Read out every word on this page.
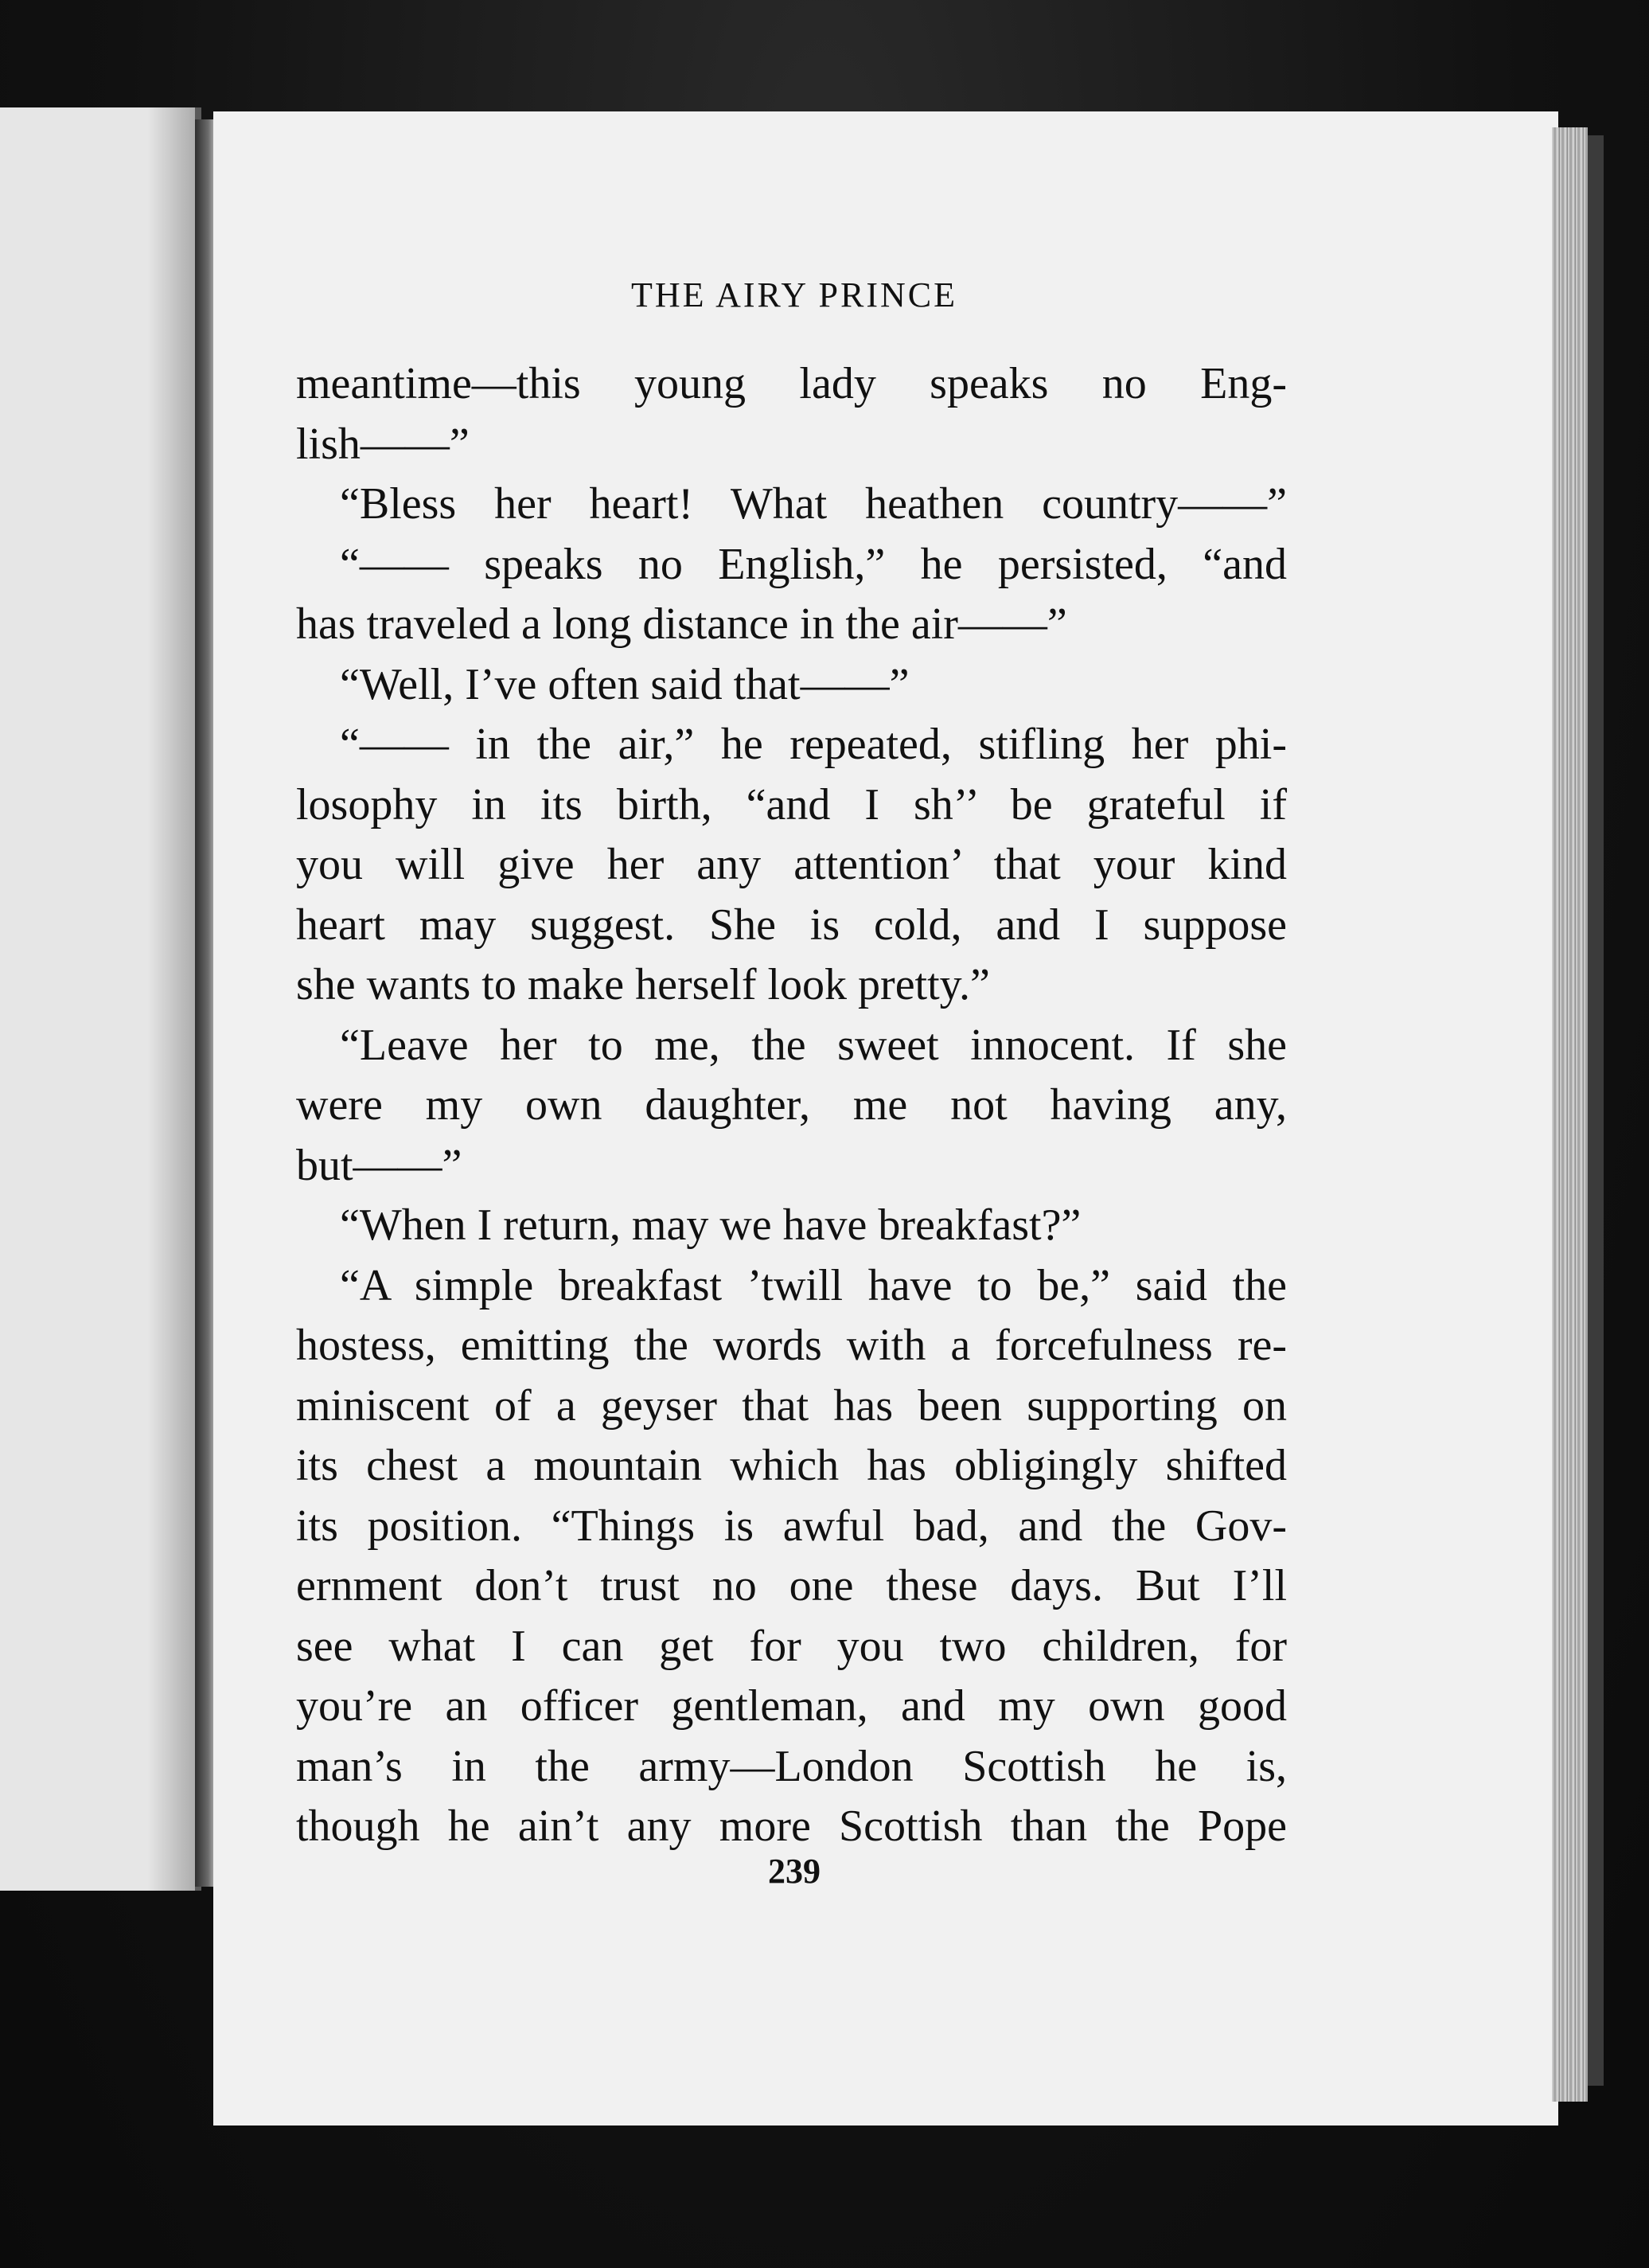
THE AIRY PRINCE
meantime—this young lady speaks no Eng-
lish——”
“Bless her heart! What heathen country——”
“—— speaks no English,” he persisted, “and
has traveled a long distance in the air——”
“Well, I’ve often said that——”
“—— in the air,” he repeated, stifling her phi-
losophy in its birth, “and I sh’’ be grateful if
you will give her any attention’ that your kind
heart may suggest. She is cold, and I suppose
she wants to make herself look pretty.”
“Leave her to me, the sweet innocent. If she
were my own daughter, me not having any,
but——”
“When I return, may we have breakfast?”
“A simple breakfast ’twill have to be,” said the
hostess, emitting the words with a forcefulness re-
miniscent of a geyser that has been supporting on
its chest a mountain which has obligingly shifted
its position. “Things is awful bad, and the Gov-
ernment don’t trust no one these days. But I’ll
see what I can get for you two children, for
you’re an officer gentleman, and my own good
man’s in the army—London Scottish he is,
though he ain’t any more Scottish than the Pope
239
